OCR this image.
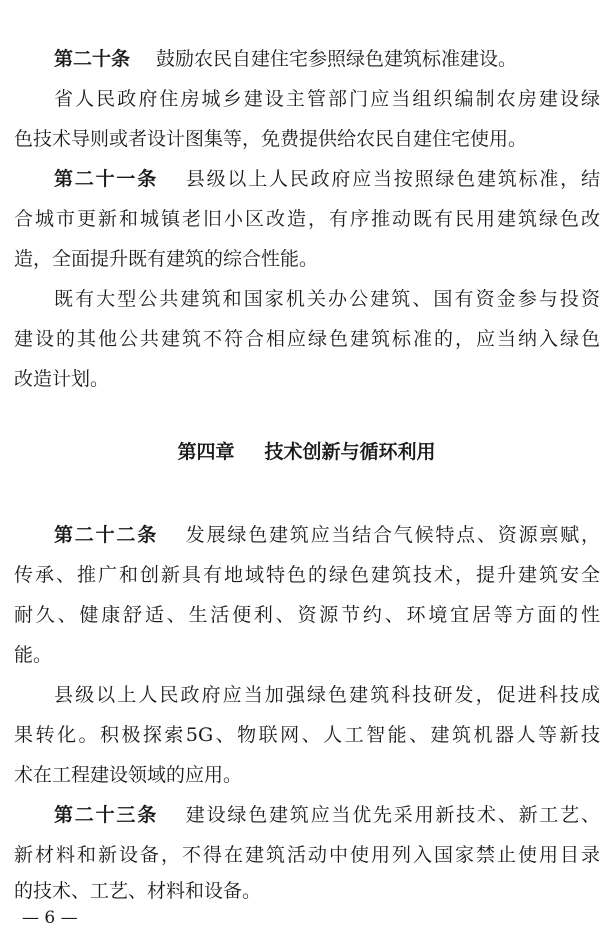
第二十条 鼓励农民自建住宅参照绿色建筑标准建设。
省人民政府住房城乡建设主管部门应当组织编制农房建设绿
色技术导则或者设计图集等，免费提供给农民自建住宅使用。
第二十一条 县级以上人民政府应当按照绿色建筑标准，结
合城市更新和城镇老旧小区改造，有序推动既有民用建筑绿色改
造，全面提升既有建筑的综合性能。
既有大型公共建筑和国家机关办公建筑、国有资金参与投资
建设的其他公共建筑不符合相应绿色建筑标准的，应当纳入绿色
改造计划。
第四章 技术创新与循环利用
第二十二条 发展绿色建筑应当结合气候特点、资源禀赋，
传承、推广和创新具有地域特色的绿色建筑技术，提升建筑安全
耐久、健康舒适、生活便利、资源节约、环境宜居等方面的性
能。
县级以上人民政府应当加强绿色建筑科技研发，促进科技成
果转化。积极探索5G、物联网、人工智能、建筑机器人等新技
术在工程建设领域的应用。
第二十三条 建设绿色建筑应当优先采用新技术、新工艺、
新材料和新设备，不得在建筑活动中使用列入国家禁止使用目录
的技术、工艺、材料和设备。
— 6 —
